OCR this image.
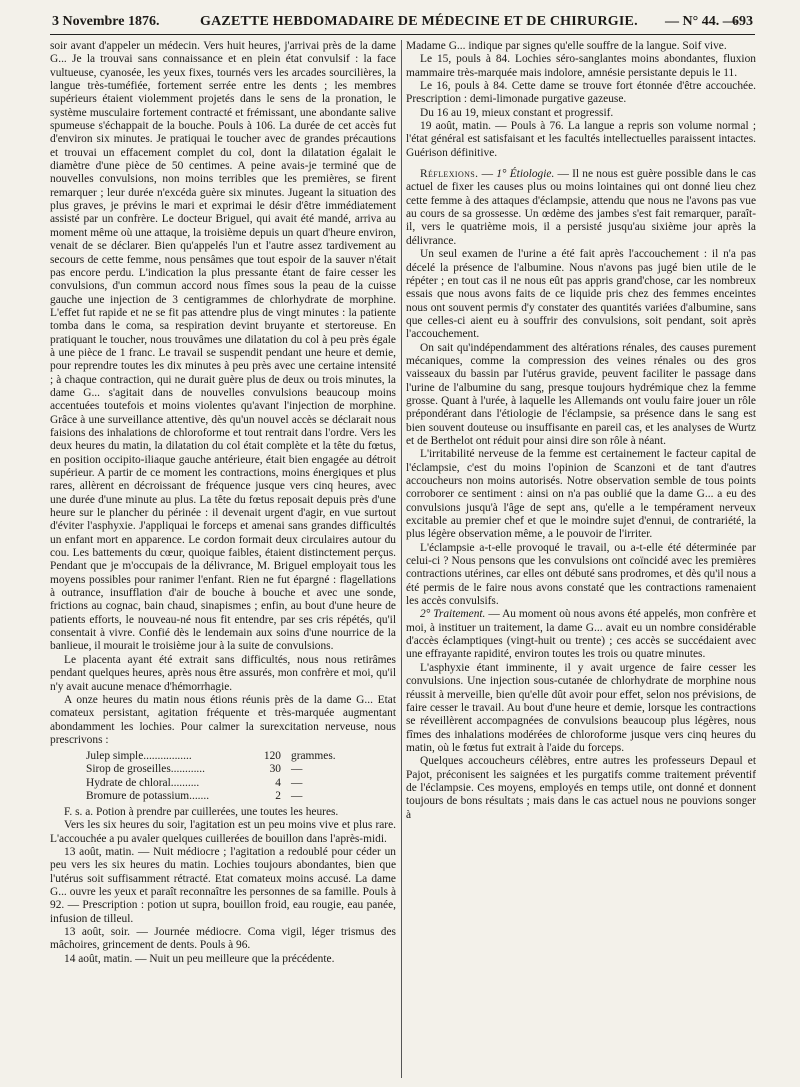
3 Novembre 1876.	GAZETTE HEBDOMADAIRE DE MÉDECINE ET DE CHIRURGIE. — N° 44. —
693

soir avant d'appeler un médecin. Vers huit heures, j'arrivai près de la dame G... Je la trouvai sans connaissance et en plein état convulsif : la face vultueuse, cyanosée, les yeux fixes, tournés vers les arcades sourcilières, la langue très-tuméfiée, fortement serrée entre les dents ; les membres supérieurs étaient violemment projetés dans le sens de la pronation, le système musculaire fortement contracté et frémissant, une abondante salive spumeuse s'échappait de la bouche. Pouls à 106. La durée de cet accès fut d'environ six minutes. Je pratiquai le toucher avec de grandes précautions et trouvai un effacement complet du col, dont la dilatation égalait le diamètre d'une pièce de 50 centimes. A peine avais-je terminé que de nouvelles convulsions, non moins terribles que les premières, se firent remarquer ; leur durée n'excéda guère six minutes. Jugeant la situation des plus graves, je prévins le mari et exprimai le désir d'être immédiatement assisté par un confrère. Le docteur Briguel, qui avait été mandé, arriva au moment même où une attaque, la troisième depuis un quart d'heure environ, venait de se déclarer. Bien qu'appelés l'un et l'autre assez tardivement au secours de cette femme, nous pensâmes que tout espoir de la sauver n'était pas encore perdu. L'indication la plus pressante étant de faire cesser les convulsions, d'un commun accord nous fîmes sous la peau de la cuisse gauche une injection de 3 centigrammes de chlorhydrate de morphine. L'effet fut rapide et ne se fit pas attendre plus de vingt minutes : la patiente tomba dans le coma, sa respiration devint bruyante et stertoreuse. En pratiquant le toucher, nous trouvâmes une dilatation du col à peu près égale à une pièce de 1 franc. Le travail se suspendit pendant une heure et demie, pour reprendre toutes les dix minutes à peu près avec une certaine intensité ; à chaque contraction, qui ne durait guère plus de deux ou trois minutes, la dame G... s'agitait dans de nouvelles convulsions beaucoup moins accentuées toutefois et moins violentes qu'avant l'injection de morphine. Grâce à une surveillance attentive, dès qu'un nouvel accès se déclarait nous faisions des inhalations de chloroforme et tout rentrait dans l'ordre. Vers les deux heures du matin, la dilatation du col était complète et la tête du fœtus, en position occipito-iliaque gauche antérieure, était bien engagée au détroit supérieur. A partir de ce moment les contractions, moins énergiques et plus rares, allèrent en décroissant de fréquence jusque vers cinq heures, avec une durée d'une minute au plus. La tête du fœtus reposait depuis près d'une heure sur le plancher du périnée : il devenait urgent d'agir, en vue surtout d'éviter l'asphyxie. J'appliquai le forceps et amenai sans grandes difficultés un enfant mort en apparence. Le cordon formait deux circulaires autour du cou. Les battements du cœur, quoique faibles, étaient distinctement perçus. Pendant que je m'occupais de la délivrance, M. Briguel employait tous les moyens possibles pour ranimer l'enfant. Rien ne fut épargné : flagellations à outrance, insufflation d'air de bouche à bouche et avec une sonde, frictions au cognac, bain chaud, sinapismes ; enfin, au bout d'une heure de patients efforts, le nouveau-né nous fit entendre, par ses cris répétés, qu'il consentait à vivre. Confié dès le lendemain aux soins d'une nourrice de la banlieue, il mourait le troisième jour à la suite de convulsions.

Le placenta ayant été extrait sans difficultés, nous nous retirâmes pendant quelques heures, après nous être assurés, mon confrère et moi, qu'il n'y avait aucune menace d'hémorrhagie.

A onze heures du matin nous étions réunis près de la dame G... Etat comateux persistant, agitation fréquente et très-marquée augmentant abondamment les lochies. Pour calmer la surexcitation nerveuse, nous prescrivons :

Julep simple.................	120 grammes.
Sirop de groseilles............	30 —
Hydrate de chloral..........	4 —
Bromure de potassium.......	2 —

F. s. a. Potion à prendre par cuillerées, une toutes les heures.

Vers les six heures du soir, l'agitation est un peu moins vive et plus rare. L'accouchée a pu avaler quelques cuillerées de bouillon dans l'après-midi.

13 août, matin. — Nuit médiocre ; l'agitation a redoublé pour céder un peu vers les six heures du matin. Lochies toujours abondantes, bien que l'utérus soit suffisamment rétracté. Etat comateux moins accusé. La dame G... ouvre les yeux et paraît reconnaître les personnes de sa famille. Pouls à 92. — Prescription : potion ut supra, bouillon froid, eau rougie, eau panée, infusion de tilleul.

13 août, soir. — Journée médiocre. Coma vigil, léger trismus des mâchoires, grincement de dents. Pouls à 96.

14 août, matin. — Nuit un peu meilleure que la précédente.

Madame G... indique par signes qu'elle souffre de la langue. Soif vive.

Le 15, pouls à 84. Lochies séro-sanglantes moins abondantes, fluxion mammaire très-marquée mais indolore, amnésie persistante depuis le 11.

Le 16, pouls à 84. Cette dame se trouve fort étonnée d'être accouchée. Prescription : demi-limonade purgative gazeuse.

Du 16 au 19, mieux constant et progressif.

19 août, matin. — Pouls à 76. La langue a repris son volume normal ; l'état général est satisfaisant et les facultés intellectuelles paraissent intactes. Guérison définitive.

Réflexions. — 1° Étiologie. — Il ne nous est guère possible dans le cas actuel de fixer les causes plus ou moins lointaines qui ont donné lieu chez cette femme à des attaques d'éclampsie, attendu que nous ne l'avons pas vue au cours de sa grossesse. Un œdème des jambes s'est fait remarquer, paraît-il, vers le quatrième mois, il a persisté jusqu'au sixième jour après la délivrance.

Un seul examen de l'urine a été fait après l'accouchement : il n'a pas décelé la présence de l'albumine. Nous n'avons pas jugé bien utile de le répéter ; en tout cas il ne nous eût pas appris grand'chose, car les nombreux essais que nous avons faits de ce liquide pris chez des femmes enceintes nous ont souvent permis d'y constater des quantités variées d'albumine, sans que celles-ci aient eu à souffrir des convulsions, soit pendant, soit après l'accouchement.

On sait qu'indépendamment des altérations rénales, des causes purement mécaniques, comme la compression des veines rénales ou des gros vaisseaux du bassin par l'utérus gravide, peuvent faciliter le passage dans l'urine de l'albumine du sang, presque toujours hydrémique chez la femme grosse. Quant à l'urée, à laquelle les Allemands ont voulu faire jouer un rôle prépondérant dans l'étiologie de l'éclampsie, sa présence dans le sang est bien souvent douteuse ou insuffisante en pareil cas, et les analyses de Wurtz et de Berthelot ont réduit pour ainsi dire son rôle à néant.

L'irritabilité nerveuse de la femme est certainement le facteur capital de l'éclampsie, c'est du moins l'opinion de Scanzoni et de tant d'autres accoucheurs non moins autorisés. Notre observation semble de tous points corroborer ce sentiment : ainsi on n'a pas oublié que la dame G... a eu des convulsions jusqu'à l'âge de sept ans, qu'elle a le tempérament nerveux excitable au premier chef et que le moindre sujet d'ennui, de contrariété, la plus légère observation même, a le pouvoir de l'irriter.

L'éclampsie a-t-elle provoqué le travail, ou a-t-elle été déterminée par celui-ci ? Nous pensons que les convulsions ont coïncidé avec les premières contractions utérines, car elles ont débuté sans prodromes, et dès qu'il nous a été permis de le faire nous avons constaté que les contractions ramenaient les accès convulsifs.

2° Traitement. — Au moment où nous avons été appelés, mon confrère et moi, à instituer un traitement, la dame G... avait eu un nombre considérable d'accès éclamptiques (vingt-huit ou trente) ; ces accès se succédaient avec une effrayante rapidité, environ toutes les trois ou quatre minutes.

L'asphyxie étant imminente, il y avait urgence de faire cesser les convulsions. Une injection sous-cutanée de chlorhydrate de morphine nous réussit à merveille, bien qu'elle dût avoir pour effet, selon nos prévisions, de faire cesser le travail. Au bout d'une heure et demie, lorsque les contractions se réveillèrent accompagnées de convulsions beaucoup plus légères, nous fîmes des inhalations modérées de chloroforme jusque vers cinq heures du matin, où le fœtus fut extrait à l'aide du forceps.

Quelques accoucheurs célèbres, entre autres les professeurs Depaul et Pajot, préconisent les saignées et les purgatifs comme traitement préventif de l'éclampsie. Ces moyens, employés en temps utile, ont donné et donnent toujours de bons résultats ; mais dans le cas actuel nous ne pouvions songer à
